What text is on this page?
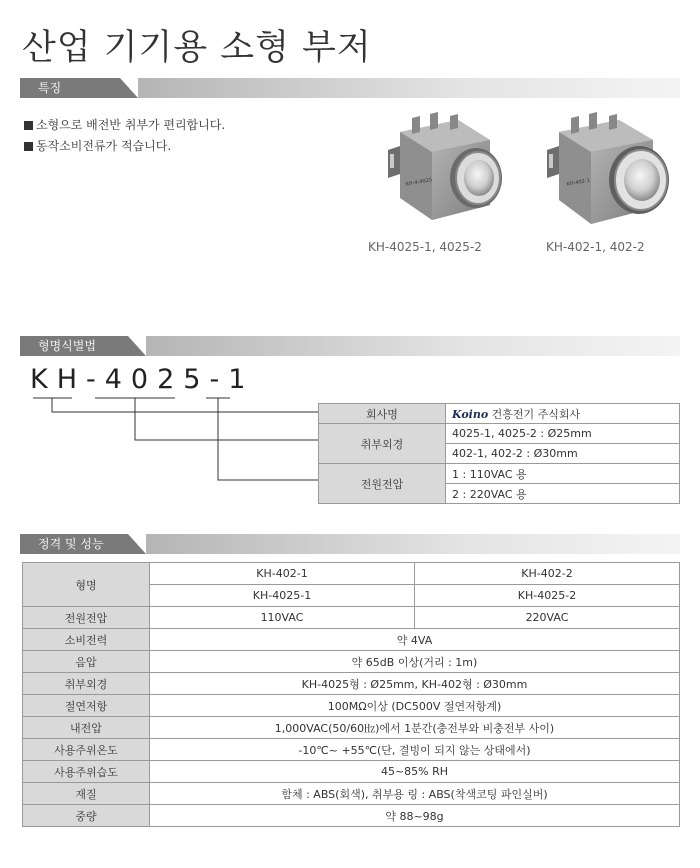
산업 기기용 소형 부저
특징
소형으로 배전반 취부가 편리합니다.
동작소비전류가 적습니다.
KH-4-4025
KH-4025-1, 4025-2
KH-402-1
KH-402-1, 402-2
형명식별법
KH-4025-1
회사명	Koino 건흥전기 주식회사
취부외경	4025-1, 4025-2 : Ø25mm
	402-1, 402-2 : Ø30mm
전원전압	1 : 110VAC 용
	2 : 220VAC 용
정격 및 성능
형명	KH-402-1	KH-402-2
	KH-4025-1	KH-4025-2
전원전압	110VAC	220VAC
소비전력	약 4VA	
음압	약 65dB 이상(거리 : 1m)	
취부외경	KH-4025형 : Ø25mm, KH-402형 : Ø30mm	
절연저항	100MΩ이상 (DC500V 절연저항계)	
내전압	1,000VAC(50/60㎐)에서 1분간(충전부와 비충전부 사이)	
사용주위온도	-10℃~ +55℃(단, 결빙이 되지 않는 상태에서)	
사용주위습도	45~85% RH	
재질	함체 : ABS(회색), 취부용 링 : ABS(착색코팅 파인실버)	
중량	약 88~98g	
